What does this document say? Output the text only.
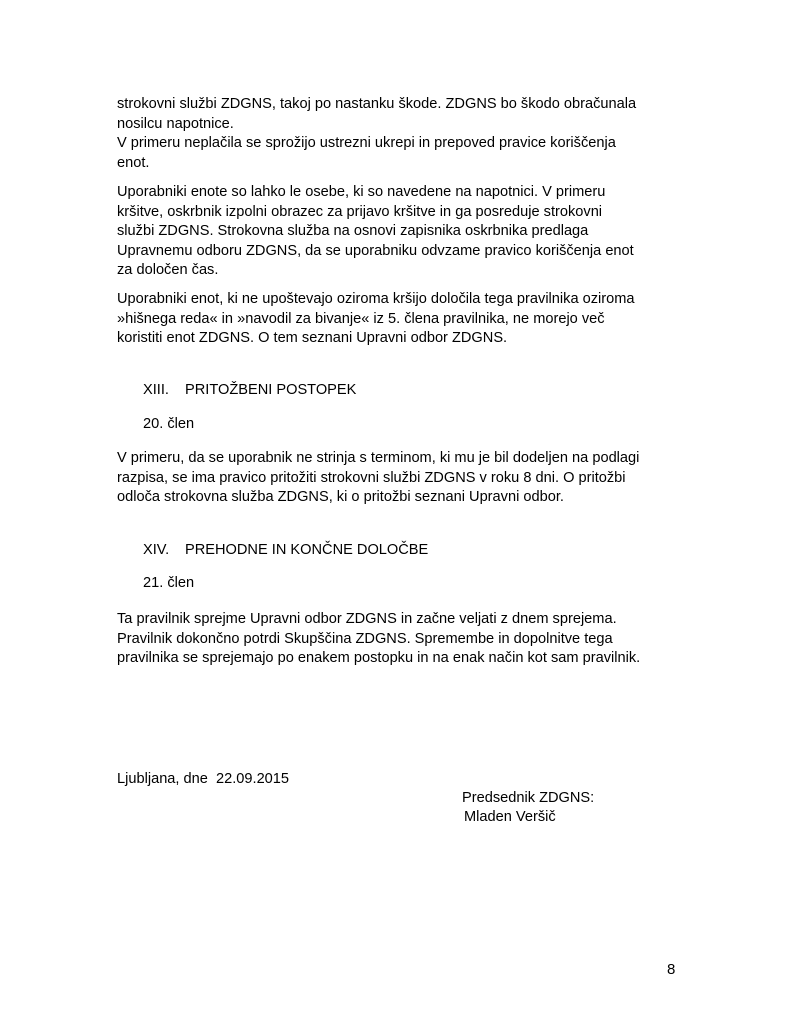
strokovni službi ZDGNS, takoj po nastanku škode. ZDGNS bo škodo obračunala
nosilcu napotnice.
V primeru neplačila se sprožijo ustrezni ukrepi in prepoved pravice koriščenja
enot.
Uporabniki enote so lahko le osebe, ki so navedene na napotnici. V primeru
kršitve, oskrbnik izpolni obrazec za prijavo kršitve in ga posreduje strokovni
službi ZDGNS. Strokovna služba na osnovi zapisnika oskrbnika predlaga
Upravnemu odboru ZDGNS, da se uporabniku odvzame pravico koriščenja enot
za določen čas.
Uporabniki enot, ki ne upoštevajo oziroma kršijo določila tega pravilnika oziroma
»hišnega reda« in »navodil za bivanje« iz 5. člena pravilnika, ne morejo več
koristiti enot ZDGNS. O tem seznani Upravni odbor ZDGNS.
XIII. PRITOŽBENI POSTOPEK
20. člen
V primeru, da se uporabnik ne strinja s terminom, ki mu je bil dodeljen na podlagi
razpisa, se ima pravico pritožiti strokovni službi ZDGNS v roku 8 dni. O pritožbi
odloča strokovna služba ZDGNS, ki o pritožbi seznani Upravni odbor.
XIV. PREHODNE IN KONČNE DOLOČBE
21. člen
Ta pravilnik sprejme Upravni odbor ZDGNS in začne veljati z dnem sprejema.
Pravilnik dokončno potrdi Skupščina ZDGNS. Spremembe in dopolnitve tega
pravilnika se sprejemajo po enakem postopku in na enak način kot sam pravilnik.
Ljubljana, dne  22.09.2015
Predsednik ZDGNS:
Mladen Veršič
8
